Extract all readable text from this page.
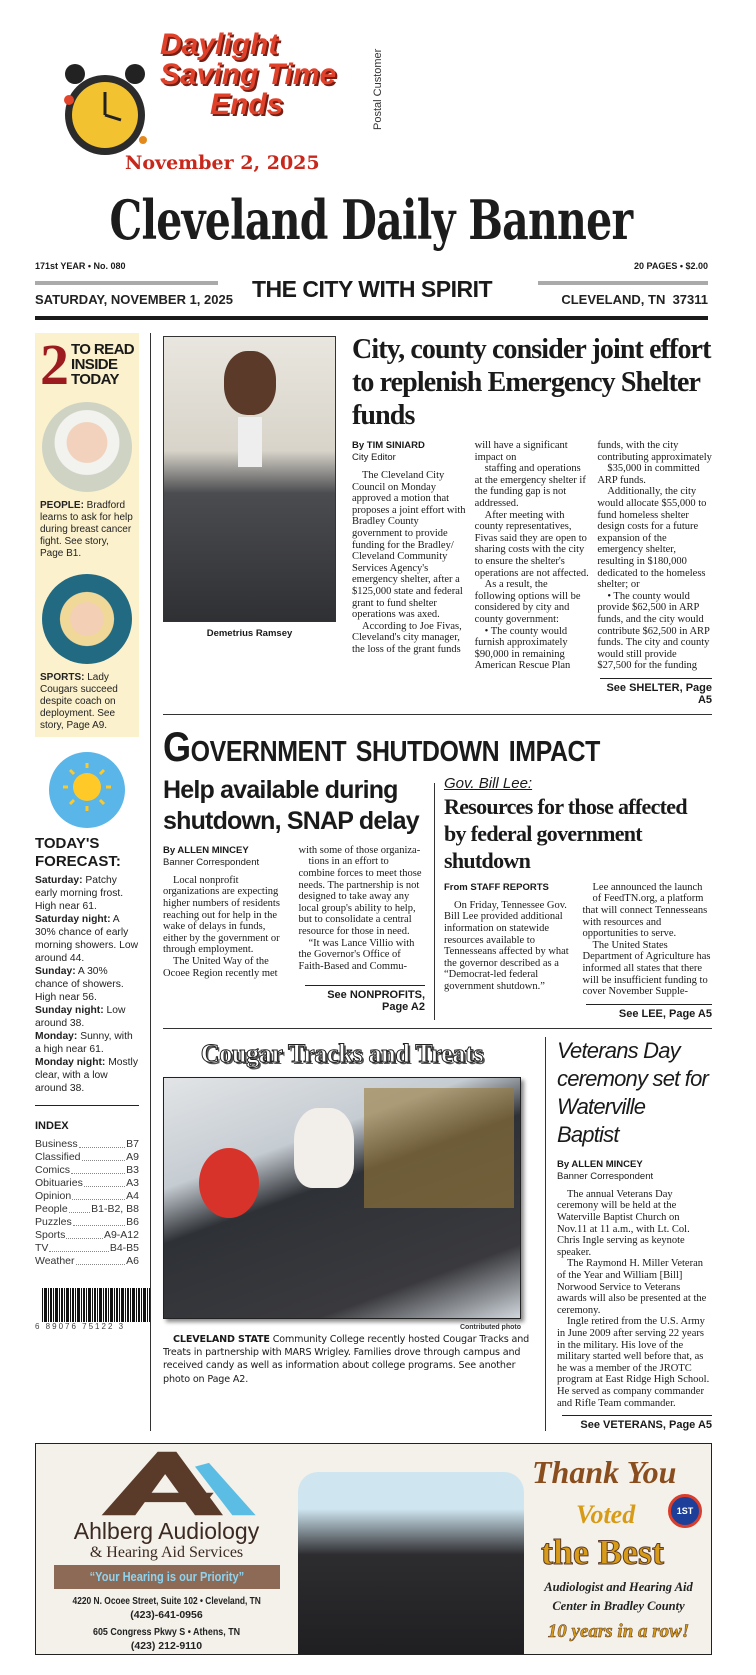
Daylight
Saving Time
Ends
November 2, 2025
Postal Customer
Cleveland Daily Banner
171st YEAR • No. 080	20 PAGES • $2.00
SATURDAY, NOVEMBER 1, 2025 THE CITY WITH SPIRIT	CLEVELAND, TN  37311
2 TO READ
INSIDE
TODAY
PEOPLE: Bradford learns to ask for help during breast cancer fight. See story, Page B1.
SPORTS: Lady Cougars succeed despite coach on deployment. See story, Page A9.
TODAY'S FORECAST:
Saturday: Patchy early morning frost. High near 61.
Saturday night: A 30% chance of early morning showers. Low around 44.
Sunday: A 30% chance of showers. High near 56.
Sunday night: Low around 38.
Monday: Sunny, with a high near 61.
Monday night: Mostly clear, with a low around 38.
INDEX
Business	B7
Classified	A9
Comics	B3
Obituaries	A3
Opinion	A4
People B1-B2, B8
Puzzles	B6
Sports	A9-A12
TV	B4-B5
Weather	A6
6 89076 75122 3
Demetrius Ramsey
City, county consider joint effort to replenish Emergency Shelter funds
By TIM SINIARD
City Editor

The Cleveland City Council on Monday approved a motion that proposes a joint effort with Bradley County government to provide funding for the Bradley/ Cleveland Community Services Agency's emergency shelter, after a $125,000 state and federal grant to fund shelter operations was axed.

According to Joe Fivas, Cleveland's city manager, the loss of the grant funds will have a significant impact on

staffing and operations at the emergency shelter if the funding gap is not addressed.

After meeting with county representatives, Fivas said they are open to sharing costs with the city to ensure the shelter's operations are not affected.

As a result, the following options will be considered by city and county government:

• The county would furnish approximately $90,000 in remaining American Rescue Plan funds, with the city contributing approximately

$35,000 in committed ARP funds.

Additionally, the city would allocate $55,000 to fund homeless shelter design costs for a future expansion of the emergency shelter, resulting in $180,000 dedicated to the homeless shelter; or

• The county would provide $62,500 in ARP funds, and the city would contribute $62,500 in ARP funds. The city and county would still provide $27,500 for the funding

See SHELTER, Page A5
Government shutdown impact
Help available during shutdown, SNAP delay
By ALLEN MINCEY
Banner Correspondent

Local nonprofit organizations are expecting higher numbers of residents reaching out for help in the wake of delays in funds, either by the government or through employment.

The United Way of the Ocoee Region recently met with some of those organiza-

tions in an effort to combine forces to meet those needs. The partnership is not designed to take away any local group's ability to help, but to consolidate a central resource for those in need.

“It was Lance Villio with the Governor's Office of Faith-Based and Commu-

See NONPROFITS, Page A2
Gov. Bill Lee:
Resources for those affected by federal government shutdown
From STAFF REPORTS

On Friday, Tennessee Gov. Bill Lee provided additional information on statewide resources available to Tennesseans affected by what the governor described as a “Democrat-led federal government shutdown.”

Lee announced the launch

of FeedTN.org, a platform that will connect Tennesseans with resources and opportunities to serve.

The United States Department of Agriculture has informed all states that there will be insufficient funding to cover November Supple-

See LEE, Page A5
Cougar Tracks and Treats
Contributed photo
CLEVELAND STATE Community College recently hosted Cougar Tracks and Treats in partnership with MARS Wrigley. Families drove through campus and received candy as well as information about college programs. See another photo on Page A2.
Veterans Day ceremony set for Waterville Baptist
By ALLEN MINCEY
Banner Correspondent

The annual Veterans Day ceremony will be held at the Waterville Baptist Church on Nov.11 at 11 a.m., with Lt. Col. Chris Ingle serving as keynote speaker.

The Raymond H. Miller Veteran of the Year and William [Bill] Norwood Service to Veterans awards will also be presented at the ceremony.

Ingle retired from the U.S. Army in June 2009 after serving 22 years in the military. His love of the military started well before that, as he was a member of the JROTC program at East Ridge High School. He served as company commander and Rifle Team commander.

See VETERANS, Page A5
Ahlberg Audiology
& Hearing Aid Services
“Your Hearing is our Priority”
4220 N. Ocoee Street, Suite 102 • Cleveland, TN
(423)-641-0956
605 Congress Pkwy S • Athens, TN
(423) 212-9110
Thank You
1ST
Voted
the Best
Audiologist and Hearing Aid
Center in Bradley County
10 years in a row!
